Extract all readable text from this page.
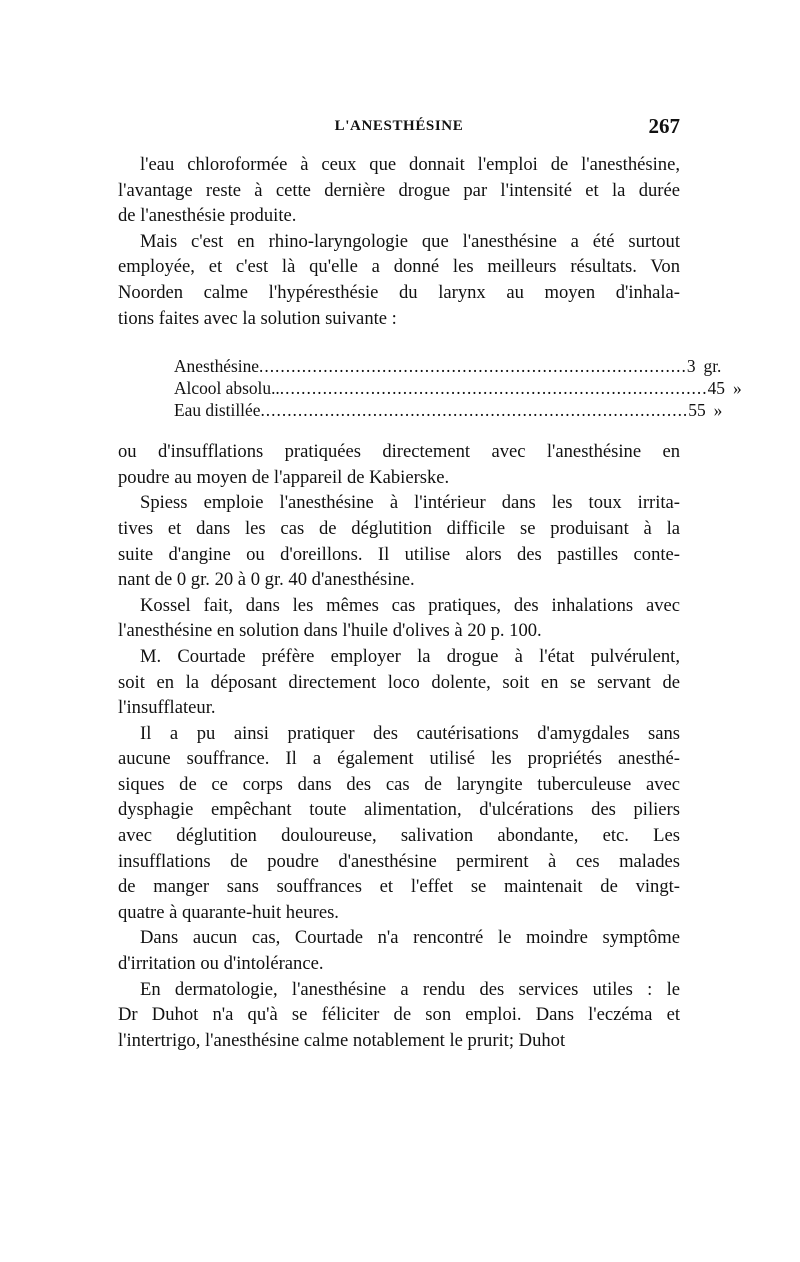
L'ANESTHÉSINE	267
l'eau chloroformée à ceux que donnait l'emploi de l'anesthésine,
l'avantage reste à cette dernière drogue par l'intensité et la durée
de l'anesthésie produite.
Mais c'est en rhino-laryngologie que l'anesthésine a été surtout
employée, et c'est là qu'elle a donné les meilleurs résultats. Von
Noorden calme l'hypéresthésie du larynx au moyen d'inhala-
tions faites avec la solution suivante :
Anesthésine ................................................................................ 3 gr.
Alcool absolu.. ................................................................................ 45 »
Eau distillée ................................................................................ 55 »
ou d'insufflations pratiquées directement avec l'anesthésine en
poudre au moyen de l'appareil de Kabierske.
Spiess emploie l'anesthésine à l'intérieur dans les toux irrita-
tives et dans les cas de déglutition difficile se produisant à la
suite d'angine ou d'oreillons. Il utilise alors des pastilles conte-
nant de 0 gr. 20 à 0 gr. 40 d'anesthésine.
Kossel fait, dans les mêmes cas pratiques, des inhalations avec
l'anesthésine en solution dans l'huile d'olives à 20 p. 100.
M. Courtade préfère employer la drogue à l'état pulvérulent,
soit en la déposant directement loco dolente, soit en se servant de
l'insufflateur.
Il a pu ainsi pratiquer des cautérisations d'amygdales sans
aucune souffrance. Il a également utilisé les propriétés anesthé-
siques de ce corps dans des cas de laryngite tuberculeuse avec
dysphagie empêchant toute alimentation, d'ulcérations des piliers
avec déglutition douloureuse, salivation abondante, etc. Les
insufflations de poudre d'anesthésine permirent à ces malades
de manger sans souffrances et l'effet se maintenait de vingt-
quatre à quarante-huit heures.
Dans aucun cas, Courtade n'a rencontré le moindre symptôme
d'irritation ou d'intolérance.
En dermatologie, l'anesthésine a rendu des services utiles : le
Dr Duhot n'a qu'à se féliciter de son emploi. Dans l'eczéma et
l'intertrigo, l'anesthésine calme notablement le prurit; Duhot
